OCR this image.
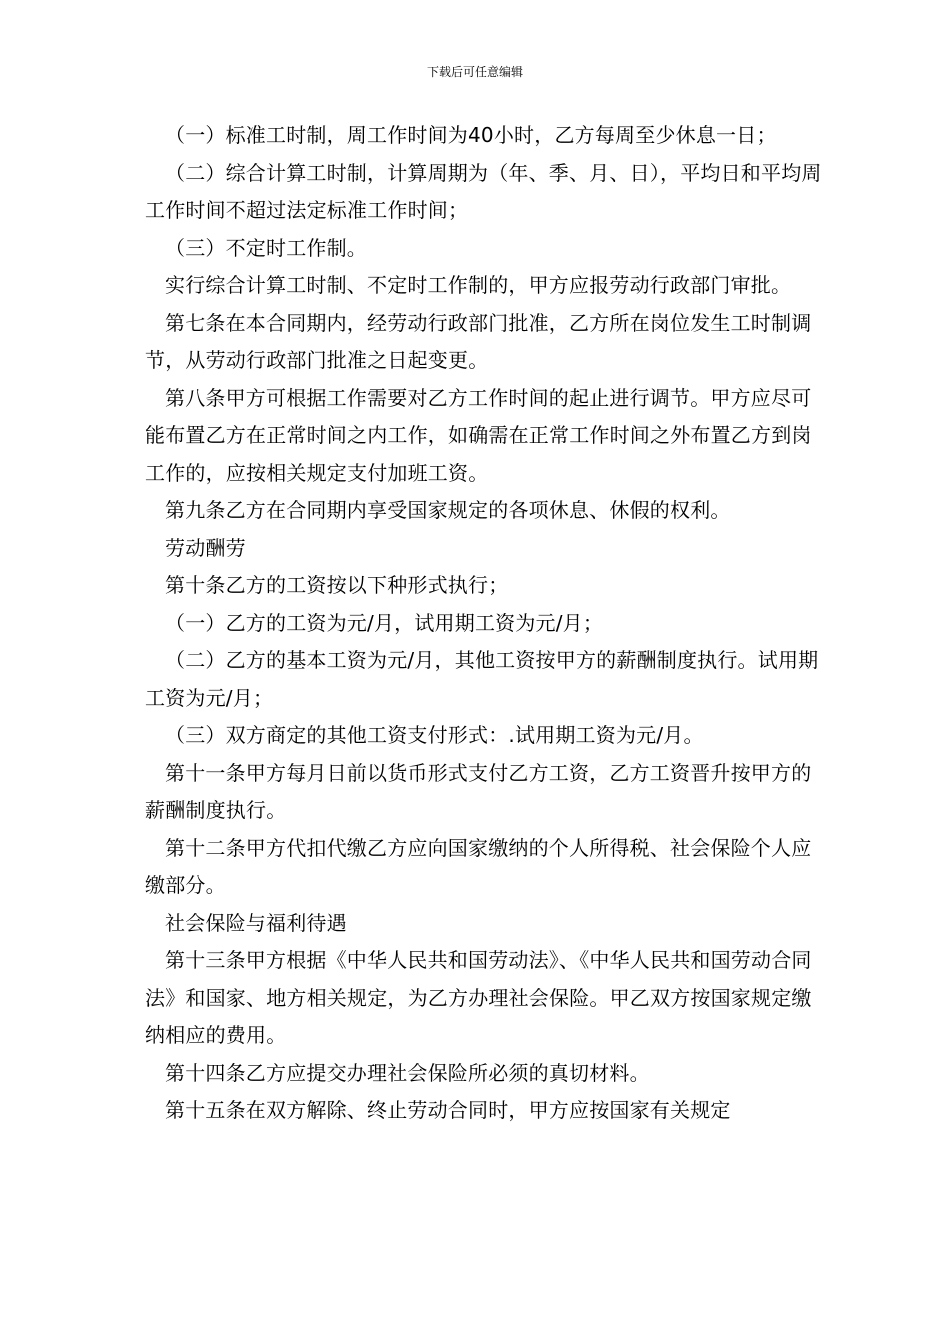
下载后可任意编辑

（一）标准工时制，周工作时间为40小时，乙方每周至少休息一日；

（二）综合计算工时制，计算周期为（年、季、月、日），平均日和平均周工作时间不超过法定标准工作时间；

（三）不定时工作制。

实行综合计算工时制、不定时工作制的，甲方应报劳动行政部门审批。

第七条在本合同期内，经劳动行政部门批准，乙方所在岗位发生工时制调节，从劳动行政部门批准之日起变更。

第八条甲方可根据工作需要对乙方工作时间的起止进行调节。甲方应尽可能布置乙方在正常时间之内工作，如确需在正常工作时间之外布置乙方到岗工作的，应按相关规定支付加班工资。

第九条乙方在合同期内享受国家规定的各项休息、休假的权利。

劳动酬劳

第十条乙方的工资按以下种形式执行；

（一）乙方的工资为元/月，试用期工资为元/月；

（二）乙方的基本工资为元/月，其他工资按甲方的薪酬制度执行。试用期工资为元/月；

（三）双方商定的其他工资支付形式：.试用期工资为元/月。

第十一条甲方每月日前以货币形式支付乙方工资，乙方工资晋升按甲方的薪酬制度执行。

第十二条甲方代扣代缴乙方应向国家缴纳的个人所得税、社会保险个人应缴部分。

社会保险与福利待遇

第十三条甲方根据《中华人民共和国劳动法》、《中华人民共和国劳动合同法》和国家、地方相关规定，为乙方办理社会保险。甲乙双方按国家规定缴纳相应的费用。

第十四条乙方应提交办理社会保险所必须的真切材料。

第十五条在双方解除、终止劳动合同时，甲方应按国家有关规定
